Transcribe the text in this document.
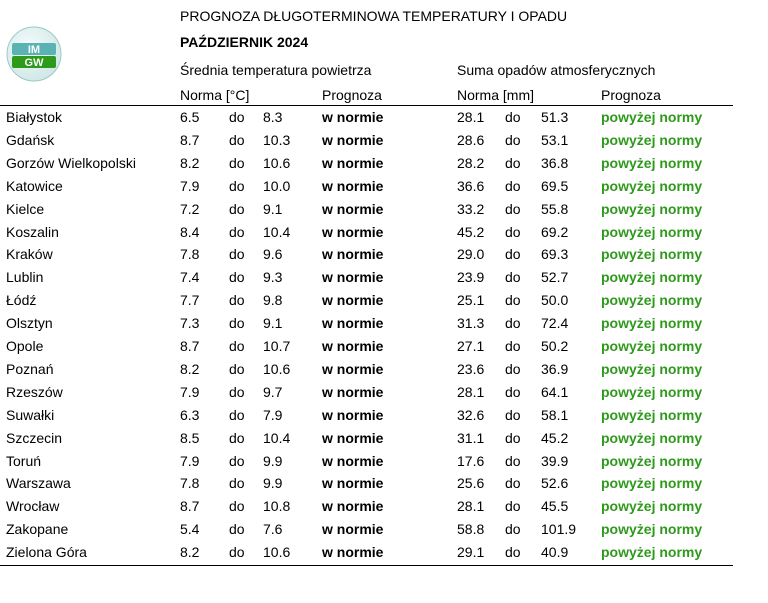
IM
GW
PROGNOZA DŁUGOTERMINOWA TEMPERATURY I OPADU
PAŹDZIERNIK 2024
Średnia temperatura powietrza	Suma opadów atmosferycznych
Norma [°C]	Prognoza	Norma [mm]	Prognoza
Białystok	6.5 do 8.3	w normie	28.1 do 51.3 powyżej normy
Gdańsk	8.7 do 10.3 w normie	28.6 do 53.1 powyżej normy
Gorzów Wielkopolski	8.2 do 10.6 w normie	28.2 do 36.8 powyżej normy
Katowice	7.9 do 10.0 w normie	36.6 do 69.5 powyżej normy
Kielce	7.2 do 9.1	w normie	33.2 do 55.8 powyżej normy
Koszalin	8.4 do 10.4 w normie	45.2 do 69.2 powyżej normy
Kraków	7.8 do 9.6	w normie	29.0 do 69.3 powyżej normy
Lublin	7.4 do 9.3	w normie	23.9 do 52.7 powyżej normy
Łódź	7.7 do 9.8	w normie	25.1 do 50.0 powyżej normy
Olsztyn	7.3 do 9.1	w normie	31.3 do 72.4 powyżej normy
Opole	8.7 do 10.7 w normie	27.1 do 50.2 powyżej normy
Poznań	8.2 do 10.6 w normie	23.6 do 36.9 powyżej normy
Rzeszów	7.9 do 9.7	w normie	28.1 do 64.1 powyżej normy
Suwałki	6.3 do 7.9	w normie	32.6 do 58.1 powyżej normy
Szczecin	8.5 do 10.4 w normie	31.1 do 45.2 powyżej normy
Toruń	7.9 do 9.9	w normie	17.6 do 39.9 powyżej normy
Warszawa	7.8 do 9.9	w normie	25.6 do 52.6 powyżej normy
Wrocław	8.7 do 10.8 w normie	28.1 do 45.5 powyżej normy
Zakopane	5.4 do 7.6	w normie	58.8 do 101.9 powyżej normy
Zielona Góra	8.2 do 10.6 w normie	29.1 do 40.9 powyżej normy
